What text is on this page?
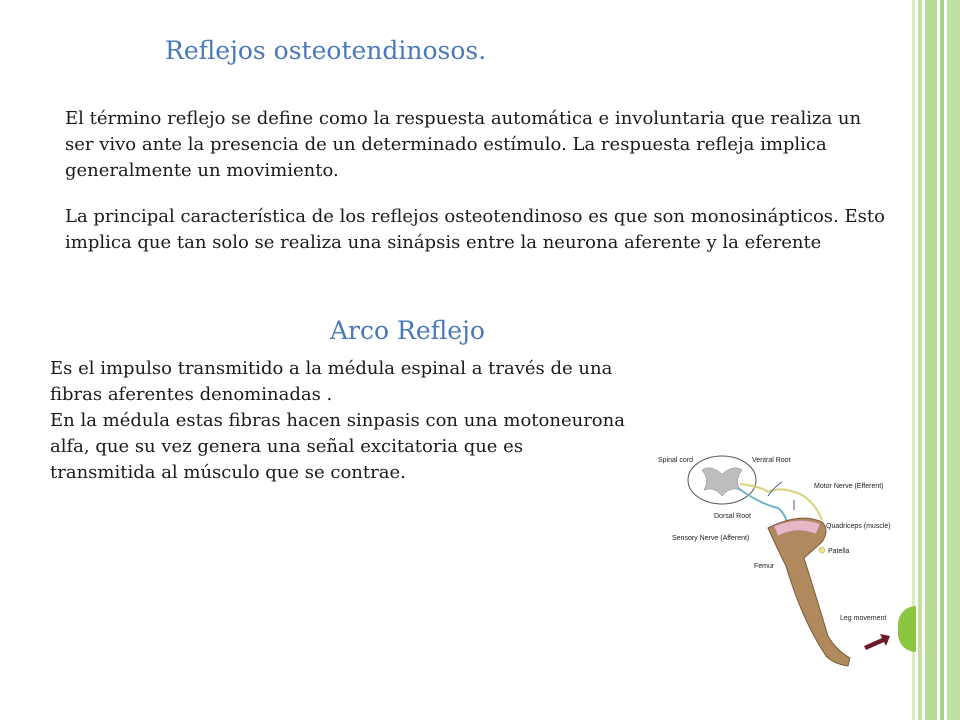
Reflejos osteotendinosos.

El término reflejo se define como la respuesta automática e involuntaria que realiza un ser vivo ante la presencia de un determinado estímulo. La respuesta refleja implica generalmente un movimiento.

La principal característica de los reflejos osteotendinoso es que son monosinápticos. Esto implica que tan solo se realiza una sinápsis entre la neurona aferente y la eferente

Arco Reflejo

Es el impulso transmitido a la médula espinal a través de una
fibras aferentes denominadas .
En la médula estas fibras hacen sinpasis con una motoneurona
alfa, que su vez genera una señal excitatoria que es
transmitida al músculo que se contrae.

Spinal cord	Ventral Root
Motor Nerve (Efferent)
Dorsal Root
Quadriceps (muscle)
Sensory Nerve (Afferent)
Patella
Femur
Leg movement
